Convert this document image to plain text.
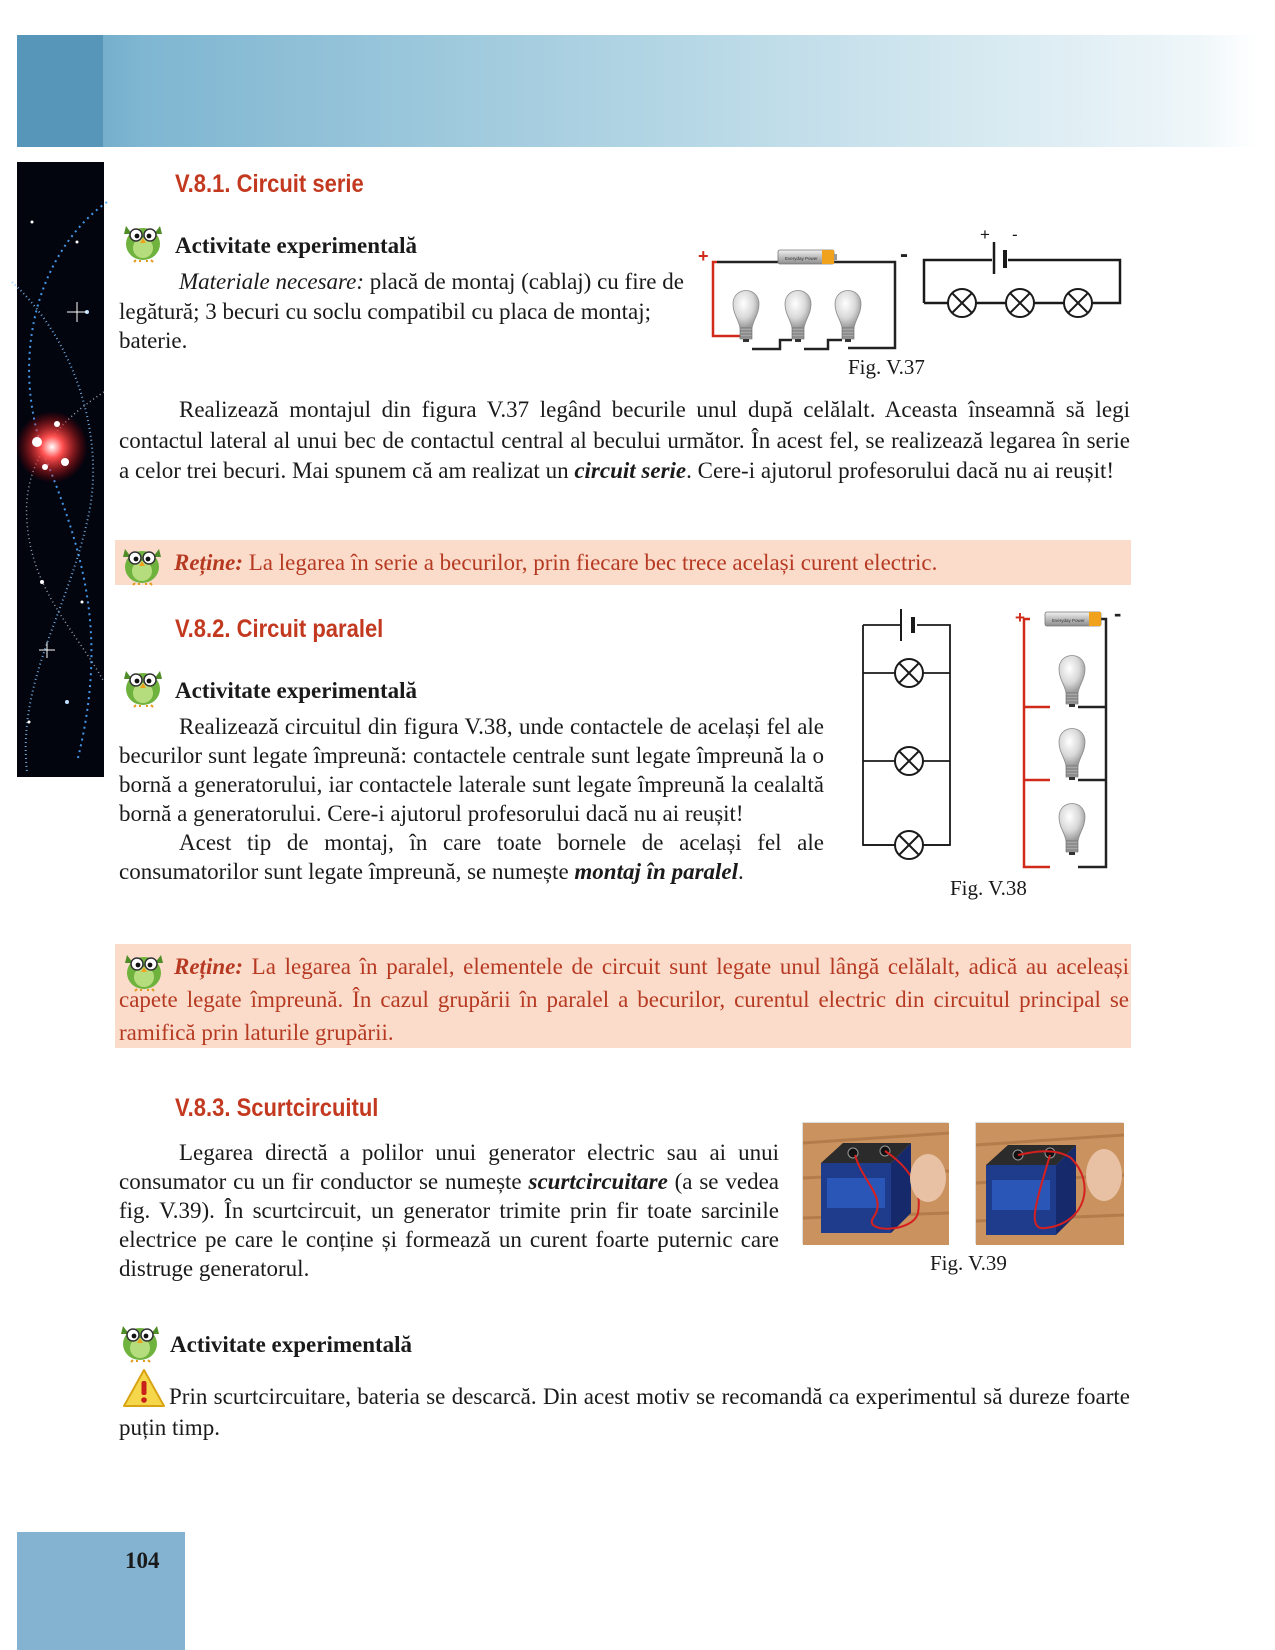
V.8.1. Circuit serie
Activitate experimentală
Materiale necesare: placă de montaj (cablaj) cu fire de legătură; 3 becuri cu soclu compatibil cu placa de montaj; baterie.
+	-
Everyday Power
+ -
Fig. V.37
Realizează montajul din figura V.37 legând becurile unul după celălalt. Aceasta înseamnă să legi contactul lateral al unui bec de contactul central al becului următor. În acest fel, se realizează legarea în serie a celor trei becuri. Mai spunem că am realizat un circuit serie. Cere-i ajutorul profesorului dacă nu ai reușit!
Reține: La legarea în serie a becurilor, prin fiecare bec trece același curent electric.
V.8.2. Circuit paralel
Activitate experimentală
Realizează circuitul din figura V.38, unde contactele de același fel ale becurilor sunt legate împreună: contactele centrale sunt legate împreună la o bornă a generatorului, iar contactele laterale sunt legate împreună la cealaltă bornă a generatorului. Cere-i ajutorul profesorului dacă nu ai reușit!
Acest tip de montaj, în care toate bornele de același fel ale consumatorilor sunt legate împreună, se numește montaj în paralel.
+	-
Everyday Power
Fig. V.38
Reține: La legarea în paralel, elementele de circuit sunt legate unul lângă celălalt, adică au aceleași capete legate împreună. În cazul grupării în paralel a becurilor, curentul electric din circuitul principal se ramifică prin laturile grupării.
V.8.3. Scurtcircuitul
Legarea directă a polilor unui generator electric sau ai unui consumator cu un fir conductor se numește scurtcircuitare (a se vedea fig. V.39). În scurtcircuit, un generator trimite prin fir toate sarcinile electrice pe care le conține și formează un curent foarte puternic care distruge generatorul.	Fig. V.39
Activitate experimentală
Prin scurtcircuitare, bateria se descarcă. Din acest motiv se recomandă ca experimentul să dureze foarte puțin timp.
104
